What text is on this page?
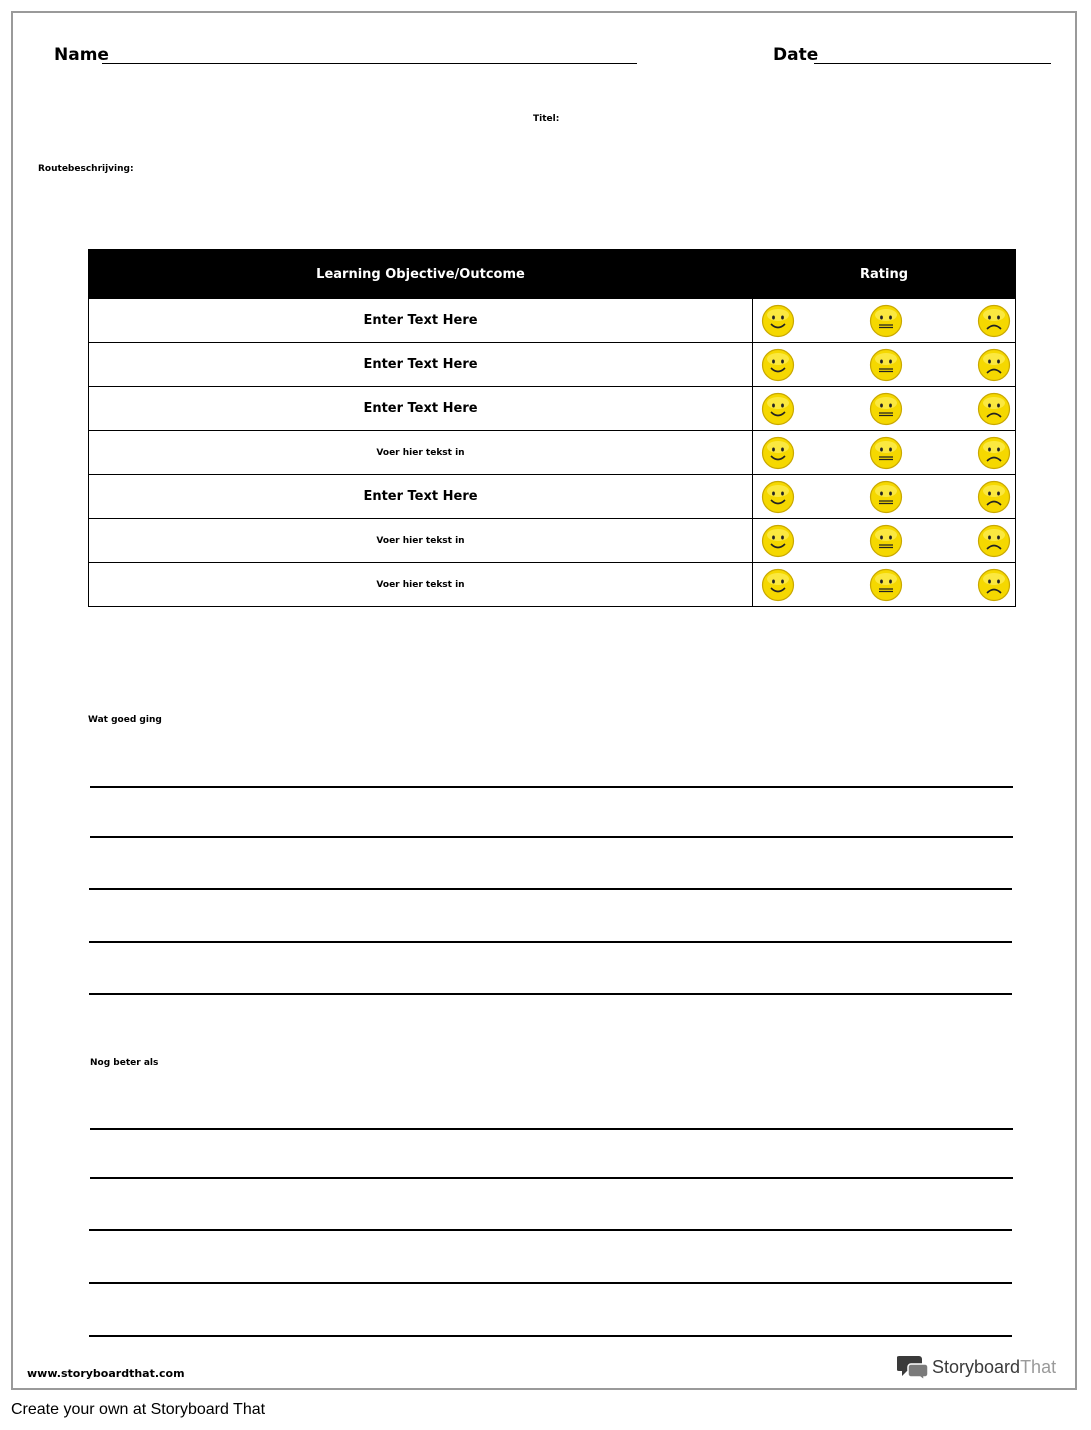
Name	Date
Titel:
Routebeschrijving:
Learning Objective/Outcome	Rating
Enter Text Here	

Enter Text Here	

Enter Text Here	

Voer hier tekst in	

Enter Text Here	

Voer hier tekst in	

Voer hier tekst in	
Wat goed ging
Nog beter als
www.storyboardthat.com	StoryboardThat
Create your own at Storyboard That
